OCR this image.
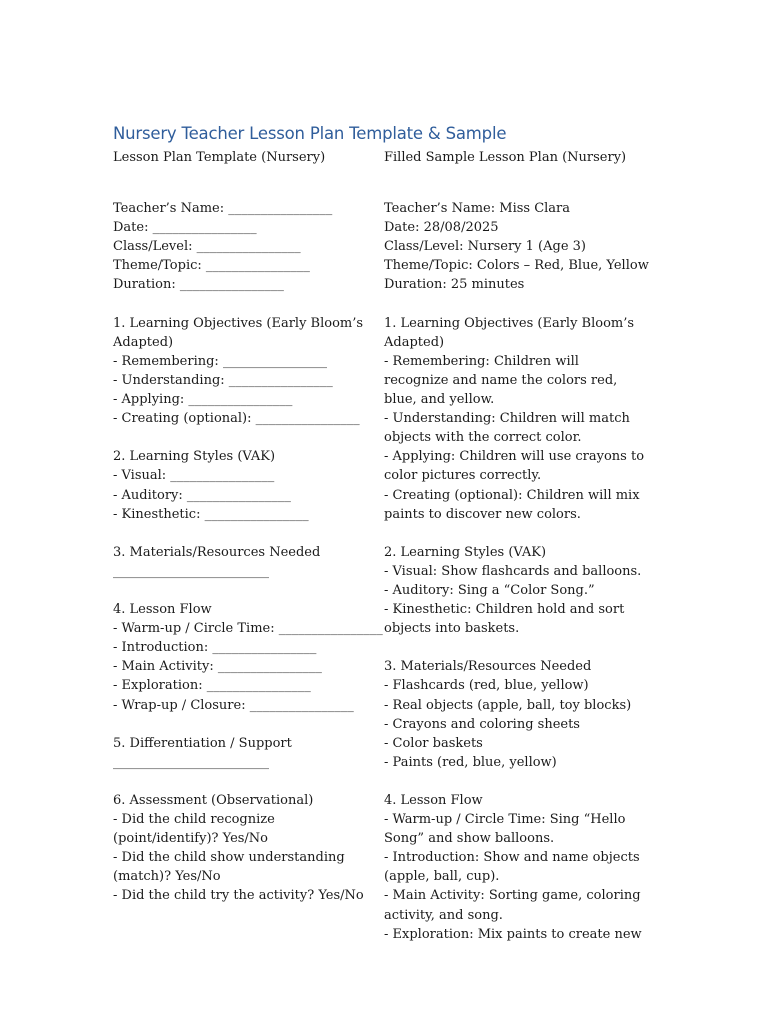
Nursery Teacher Lesson Plan Template & Sample
Lesson Plan Template (Nursery)
Teacher’s Name: ________________
Date: ________________
Class/Level: ________________
Theme/Topic: ________________
Duration: ________________
1. Learning Objectives (Early Bloom’s Adapted)
- Remembering: ________________
- Understanding: ________________
- Applying: ________________
- Creating (optional): ________________
2. Learning Styles (VAK)
- Visual: ________________
- Auditory: ________________
- Kinesthetic: ________________
3. Materials/Resources Needed
________________________
4. Lesson Flow
- Warm-up / Circle Time: ________________
- Introduction: ________________
- Main Activity: ________________
- Exploration: ________________
- Wrap-up / Closure: ________________
5. Differentiation / Support
________________________
6. Assessment (Observational)
- Did the child recognize (point/identify)? Yes/No
- Did the child show understanding (match)? Yes/No
- Did the child try the activity? Yes/No
Filled Sample Lesson Plan (Nursery)
Teacher’s Name: Miss Clara
Date: 28/08/2025
Class/Level: Nursery 1 (Age 3)
Theme/Topic: Colors – Red, Blue, Yellow
Duration: 25 minutes
1. Learning Objectives (Early Bloom’s Adapted)
- Remembering: Children will recognize and name the colors red, blue, and yellow.
- Understanding: Children will match objects with the correct color.
- Applying: Children will use crayons to color pictures correctly.
- Creating (optional): Children will mix paints to discover new colors.
2. Learning Styles (VAK)
- Visual: Show flashcards and balloons.
- Auditory: Sing a “Color Song.”
- Kinesthetic: Children hold and sort objects into baskets.
3. Materials/Resources Needed
- Flashcards (red, blue, yellow)
- Real objects (apple, ball, toy blocks)
- Crayons and coloring sheets
- Color baskets
- Paints (red, blue, yellow)
4. Lesson Flow
- Warm-up / Circle Time: Sing “Hello Song” and show balloons.
- Introduction: Show and name objects (apple, ball, cup).
- Main Activity: Sorting game, coloring activity, and song.
- Exploration: Mix paints to create new
